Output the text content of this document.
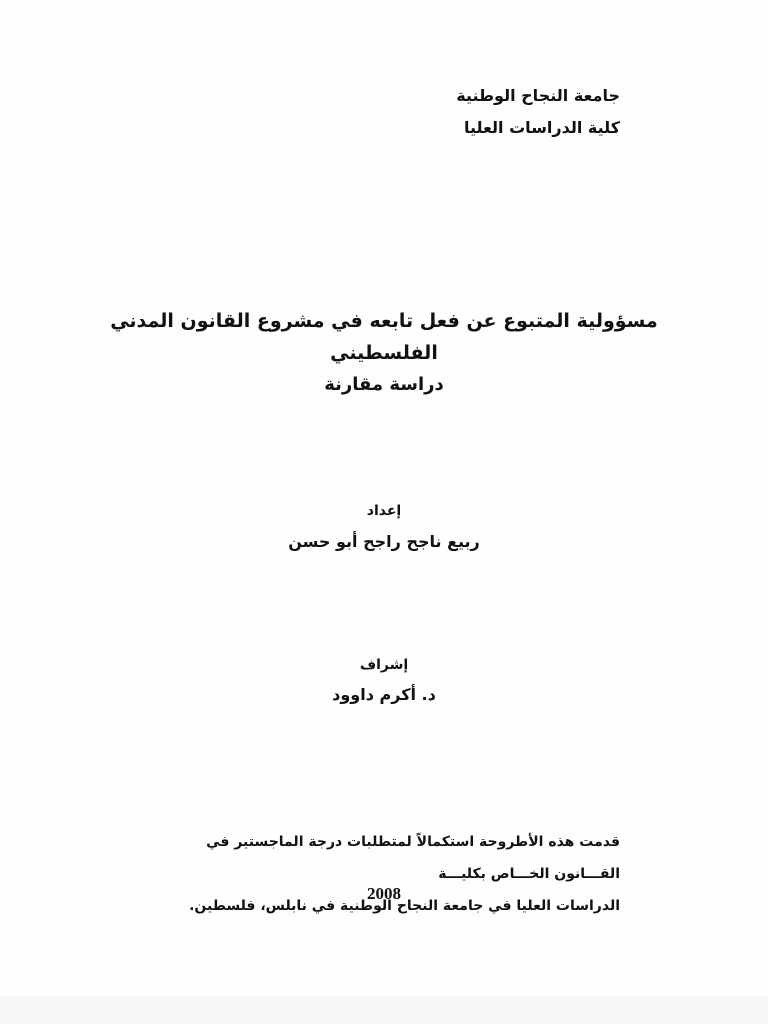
جامعة النجاح الوطنية

كلية الدراسات العليا

مسؤولية المتبوع عن فعل تابعه في مشروع القانون المدني الفلسطيني

دراسة مقارنة

إعداد

ربيع ناجح راجح أبو حسن

إشراف

د. أكرم داوود

قدمت هذه الأطروحة استكمالاً لمتطلبات درجة الماجستير في القـــانون الخـــاص بكليـــة

الدراسات العليا في جامعة النجاح الوطنية في نابلس، فلسطين.

2008
